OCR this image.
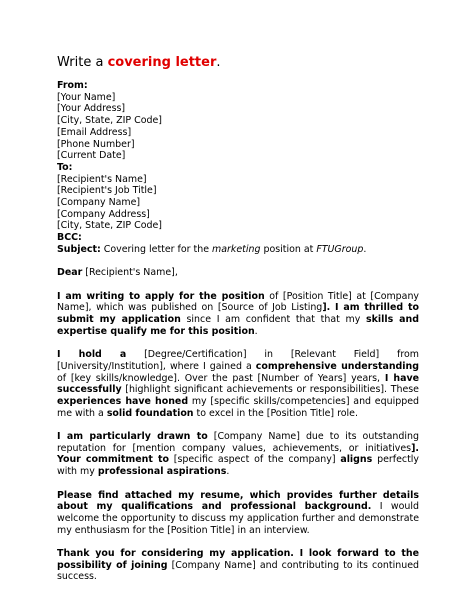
Write a covering letter.
From:
[Your Name]
[Your Address]
[City, State, ZIP Code]
[Email Address]
[Phone Number]
[Current Date]
To:
[Recipient's Name]
[Recipient's Job Title]
[Company Name]
[Company Address]
[City, State, ZIP Code]
BCC:
Subject: Covering letter for the marketing position at FTUGroup.

Dear [Recipient's Name],

I am writing to apply for the position of [Position Title] at [Company Name], which was published on [Source of Job Listing]. I am thrilled to submit my application since I am confident that that my skills and expertise qualify me for this position.

I hold a [Degree/Certification] in [Relevant Field] from [University/Institution], where I gained a comprehensive understanding of [key skills/knowledge]. Over the past [Number of Years] years, I have successfully [highlight significant achievements or responsibilities]. These experiences have honed my [specific skills/competencies] and equipped me with a solid foundation to excel in the [Position Title] role.

I am particularly drawn to [Company Name] due to its outstanding reputation for [mention company values, achievements, or initiatives]. Your commitment to [specific aspect of the company] aligns perfectly with my professional aspirations.

Please find attached my resume, which provides further details about my qualifications and professional background. I would welcome the opportunity to discuss my application further and demonstrate my enthusiasm for the [Position Title] in an interview.

Thank you for considering my application. I look forward to the possibility of joining [Company Name] and contributing to its continued success.
